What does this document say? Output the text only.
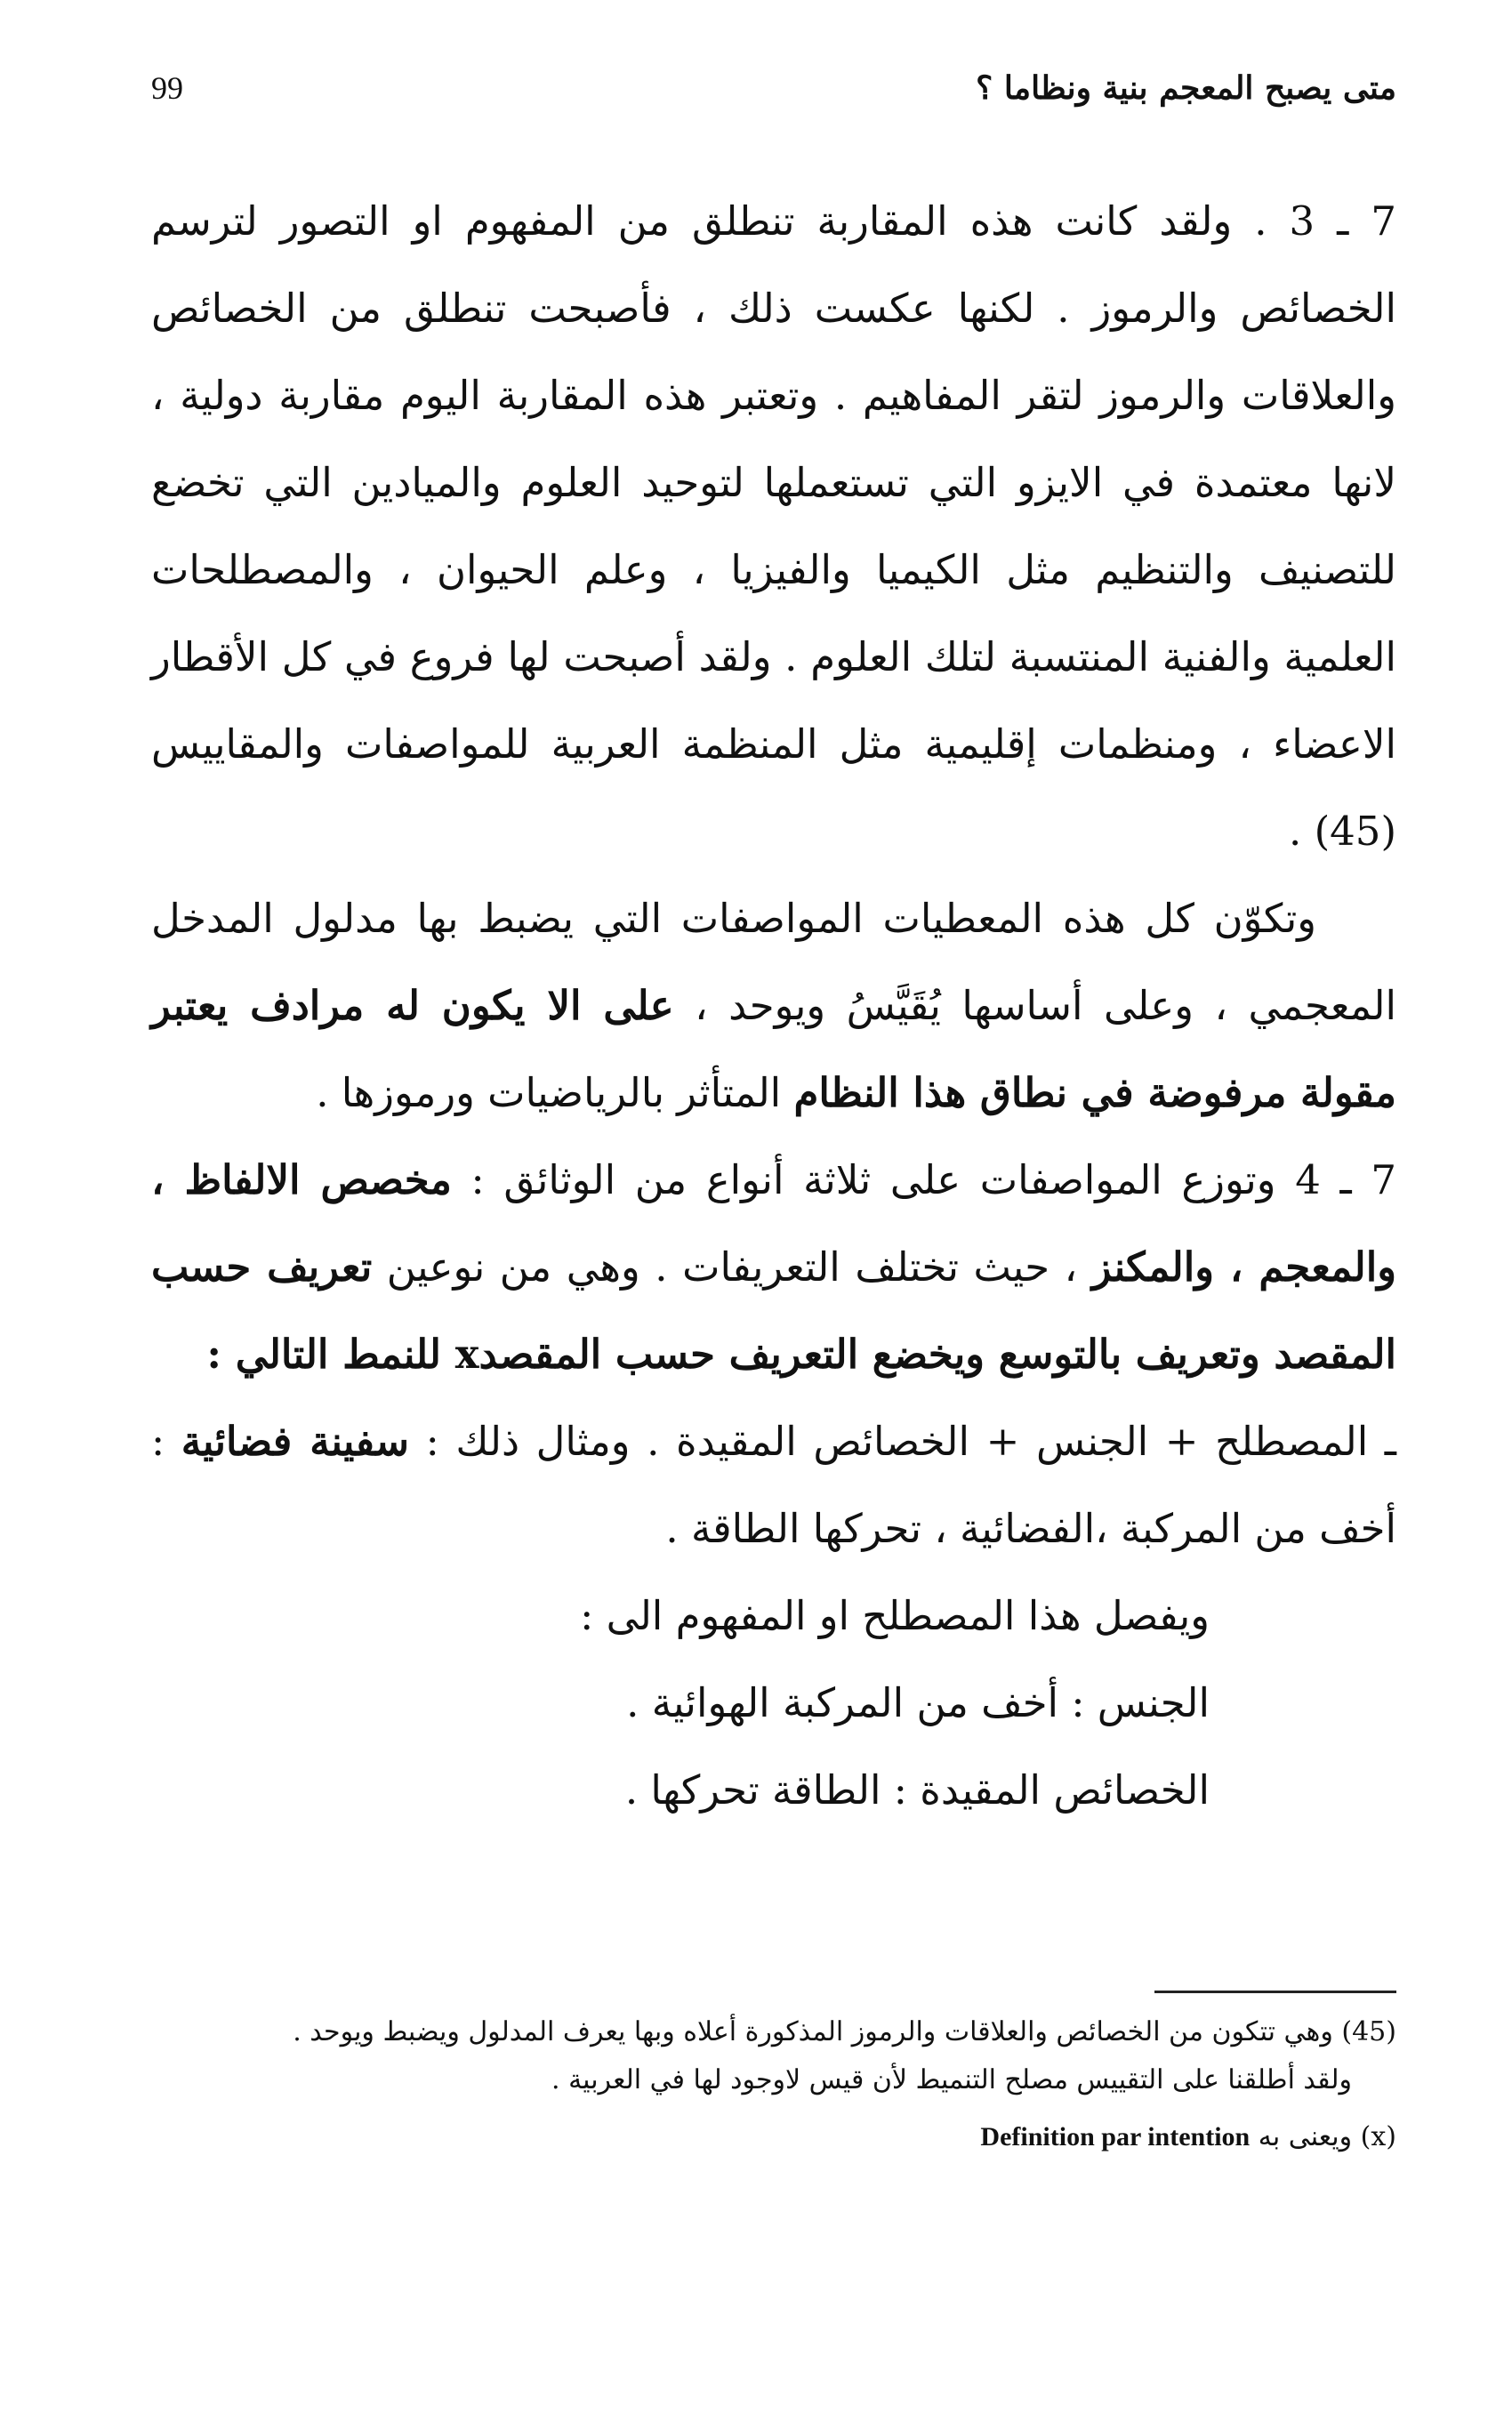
99	متى يصبح المعجم بنية ونظاما ؟

7 ـ 3 . ولقد كانت هذه المقاربة تنطلق من المفهوم او التصور لترسم الخصائص والرموز . لكنها عكست ذلك ، فأصبحت تنطلق من الخصائص والعلاقات والرموز لتقر المفاهيم . وتعتبر هذه المقاربة اليوم مقاربة دولية ، لانها معتمدة في الايزو التي تستعملها لتوحيد العلوم والميادين التي تخضع للتصنيف والتنظيم مثل الكيميا والفيزيا ، وعلم الحيوان ، والمصطلحات العلمية والفنية المنتسبة لتلك العلوم . ولقد أصبحت لها فروع في كل الأقطار الاعضاء ، ومنظمات إقليمية مثل المنظمة العربية للمواصفات والمقاييس (45) .

وتكوّن كل هذه المعطيات المواصفات التي يضبط بها مدلول المدخل المعجمي ، وعلى أساسها يُقَيَّسُ ويوحد ، على الا يكون له مرادف يعتبر مقولة مرفوضة في نطاق هذا النظام المتأثر بالرياضيات ورموزها .

7 ـ 4 وتوزع المواصفات على ثلاثة أنواع من الوثائق : مخصص الالفاظ ، والمعجم ، والمكنز ، حيث تختلف التعريفات . وهي من نوعين تعريف حسب المقصد وتعريف بالتوسع ويخضع التعريف حسب المقصدx للنمط التالي :

ـ المصطلح + الجنس + الخصائص المقيدة . ومثال ذلك : سفينة فضائية : أخف من المركبة ،الفضائية ، تحركها الطاقة .

ويفصل هذا المصطلح او المفهوم الى :

الجنس : أخف من المركبة الهوائية .

الخصائص المقيدة : الطاقة تحركها .

(45) وهي تتكون من الخصائص والعلاقات والرموز المذكورة أعلاه وبها يعرف المدلول ويضبط ويوحد .

ولقد أطلقنا على التقييس مصلح التنميط لأن قيس لاوجود لها في العربية .

(x) ويعنى به Definition par intention
